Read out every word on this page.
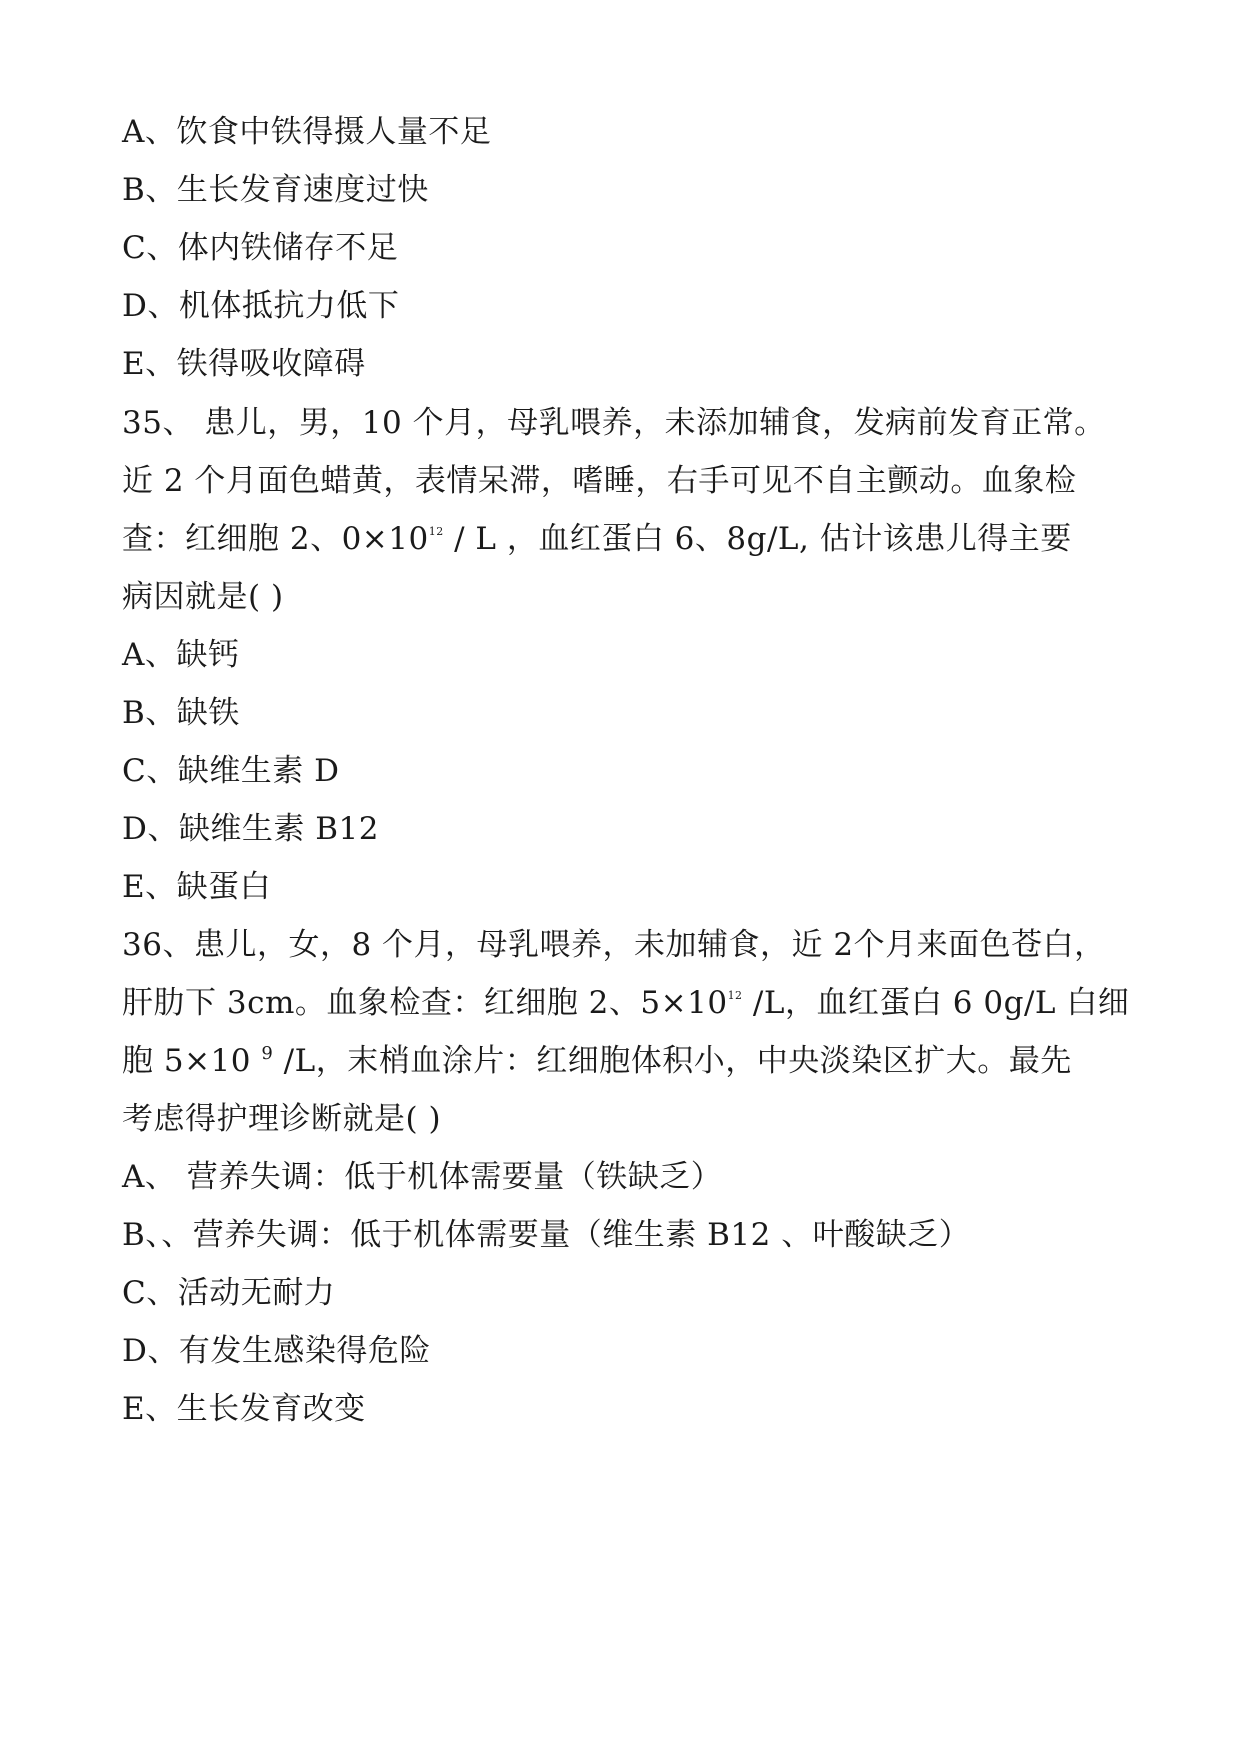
A、饮食中铁得摄人量不足
B、生长发育速度过快
C、体内铁储存不足
D、机体抵抗力低下
E、铁得吸收障碍
35、 患儿，男，10 个月，母乳喂养，未添加辅食，发病前发育正常。
近 2 个月面色蜡黄，表情呆滞，嗜睡，右手可见不自主颤动。血象检
查：红细胞 2、$0\times 10^{12} / L$ ，血红蛋白 6、8g/L, 估计该患儿得主要
病因就是( )
A、缺钙
B、缺铁
C、缺维生素 D
D、缺维生素 B12
E、缺蛋白
36、患儿，女，8 个月，母乳喂养，未加辅食，近 2个月来面色苍白，
肝肋下 3cm。血象检查：红细胞 2、$5\times 10^{12}$ /L，血红蛋白 6 0g/L 白细
胞 5×10 $^9$ /L，末梢血涂片：红细胞体积小，中央淡染区扩大。最先
考虑得护理诊断就是( )
A、 营养失调：低于机体需要量（铁缺乏）
B、、营养失调：低于机体需要量（维生素 B12 、叶酸缺乏）
C、活动无耐力
D、有发生感染得危险
E、生长发育改变
